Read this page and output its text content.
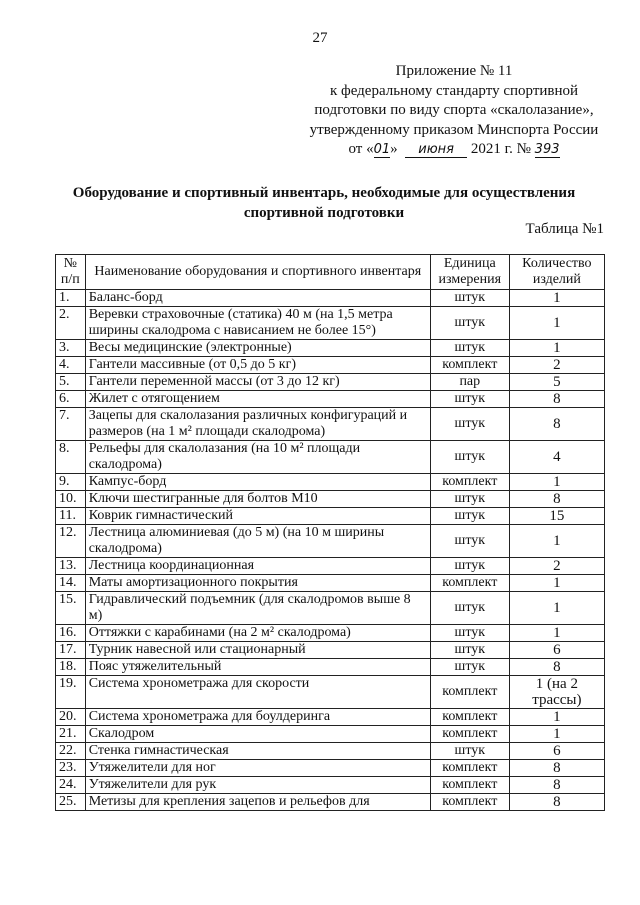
27
Приложение № 11
к федеральному стандарту спортивной
подготовки по виду спорта «скалолазание»,
утвержденному приказом Минспорта России
от «01» июня 2021 г. № 393
Оборудование и спортивный инвентарь, необходимые для осуществления спортивной подготовки
Таблица №1
№ п/п	Наименование оборудования и спортивного инвентаря	Единица измерения	Количество изделий
1.	Баланс-борд	штук	1
2.	Веревки страховочные (статика) 40 м (на 1,5 метра ширины скалодрома с нависанием не более 15°)	штук	1
3.	Весы медицинские (электронные)	штук	1
4.	Гантели массивные (от 0,5 до 5 кг)	комплект	2
5.	Гантели переменной массы (от 3 до 12 кг)	пар	5
6.	Жилет с отягощением	штук	8
7.	Зацепы для скалолазания различных конфигураций и размеров (на 1 м² площади скалодрома)	штук	8
8.	Рельефы для скалолазания (на 10 м² площади скалодрома)	штук	4
9.	Кампус-борд	комплект	1
10.	Ключи шестигранные для болтов М10	штук	8
11.	Коврик гимнастический	штук	15
12.	Лестница алюминиевая (до 5 м) (на 10 м ширины скалодрома)	штук	1
13.	Лестница координационная	штук	2
14.	Маты амортизационного покрытия	комплект	1
15.	Гидравлический подъемник (для скалодромов выше 8 м)	штук	1
16.	Оттяжки с карабинами (на 2 м² скалодрома)	штук	1
17.	Турник навесной или стационарный	штук	6
18.	Пояс утяжелительный	штук	8
19.	Система хронометража для скорости	комплект	1 (на 2 трассы)
20.	Система хронометража для боулдеринга	комплект	1
21.	Скалодром	комплект	1
22.	Стенка гимнастическая	штук	6
23.	Утяжелители для ног	комплект	8
24.	Утяжелители для рук	комплект	8
25.	Метизы для крепления зацепов и рельефов для	комплект	8
